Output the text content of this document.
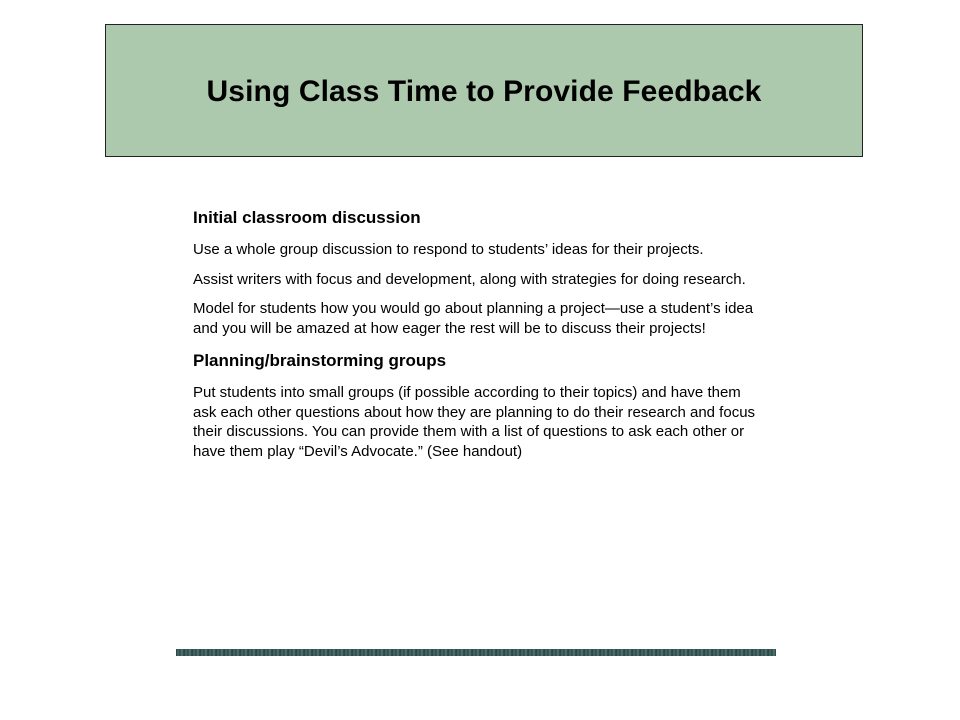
Using Class Time to Provide Feedback

Initial classroom discussion

Use a whole group discussion to respond to students’ ideas for their projects.

Assist writers with focus and development, along with strategies for doing research.

Model for students how you would go about planning a project—use a student’s idea and you will be amazed at how eager the rest will be to discuss their projects!

Planning/brainstorming groups

Put students into small groups (if possible according to their topics) and have them ask each other questions about how they are planning to do their research and focus their discussions. You can provide them with a list of questions to ask each other or have them play “Devil’s Advocate.” (See handout)
